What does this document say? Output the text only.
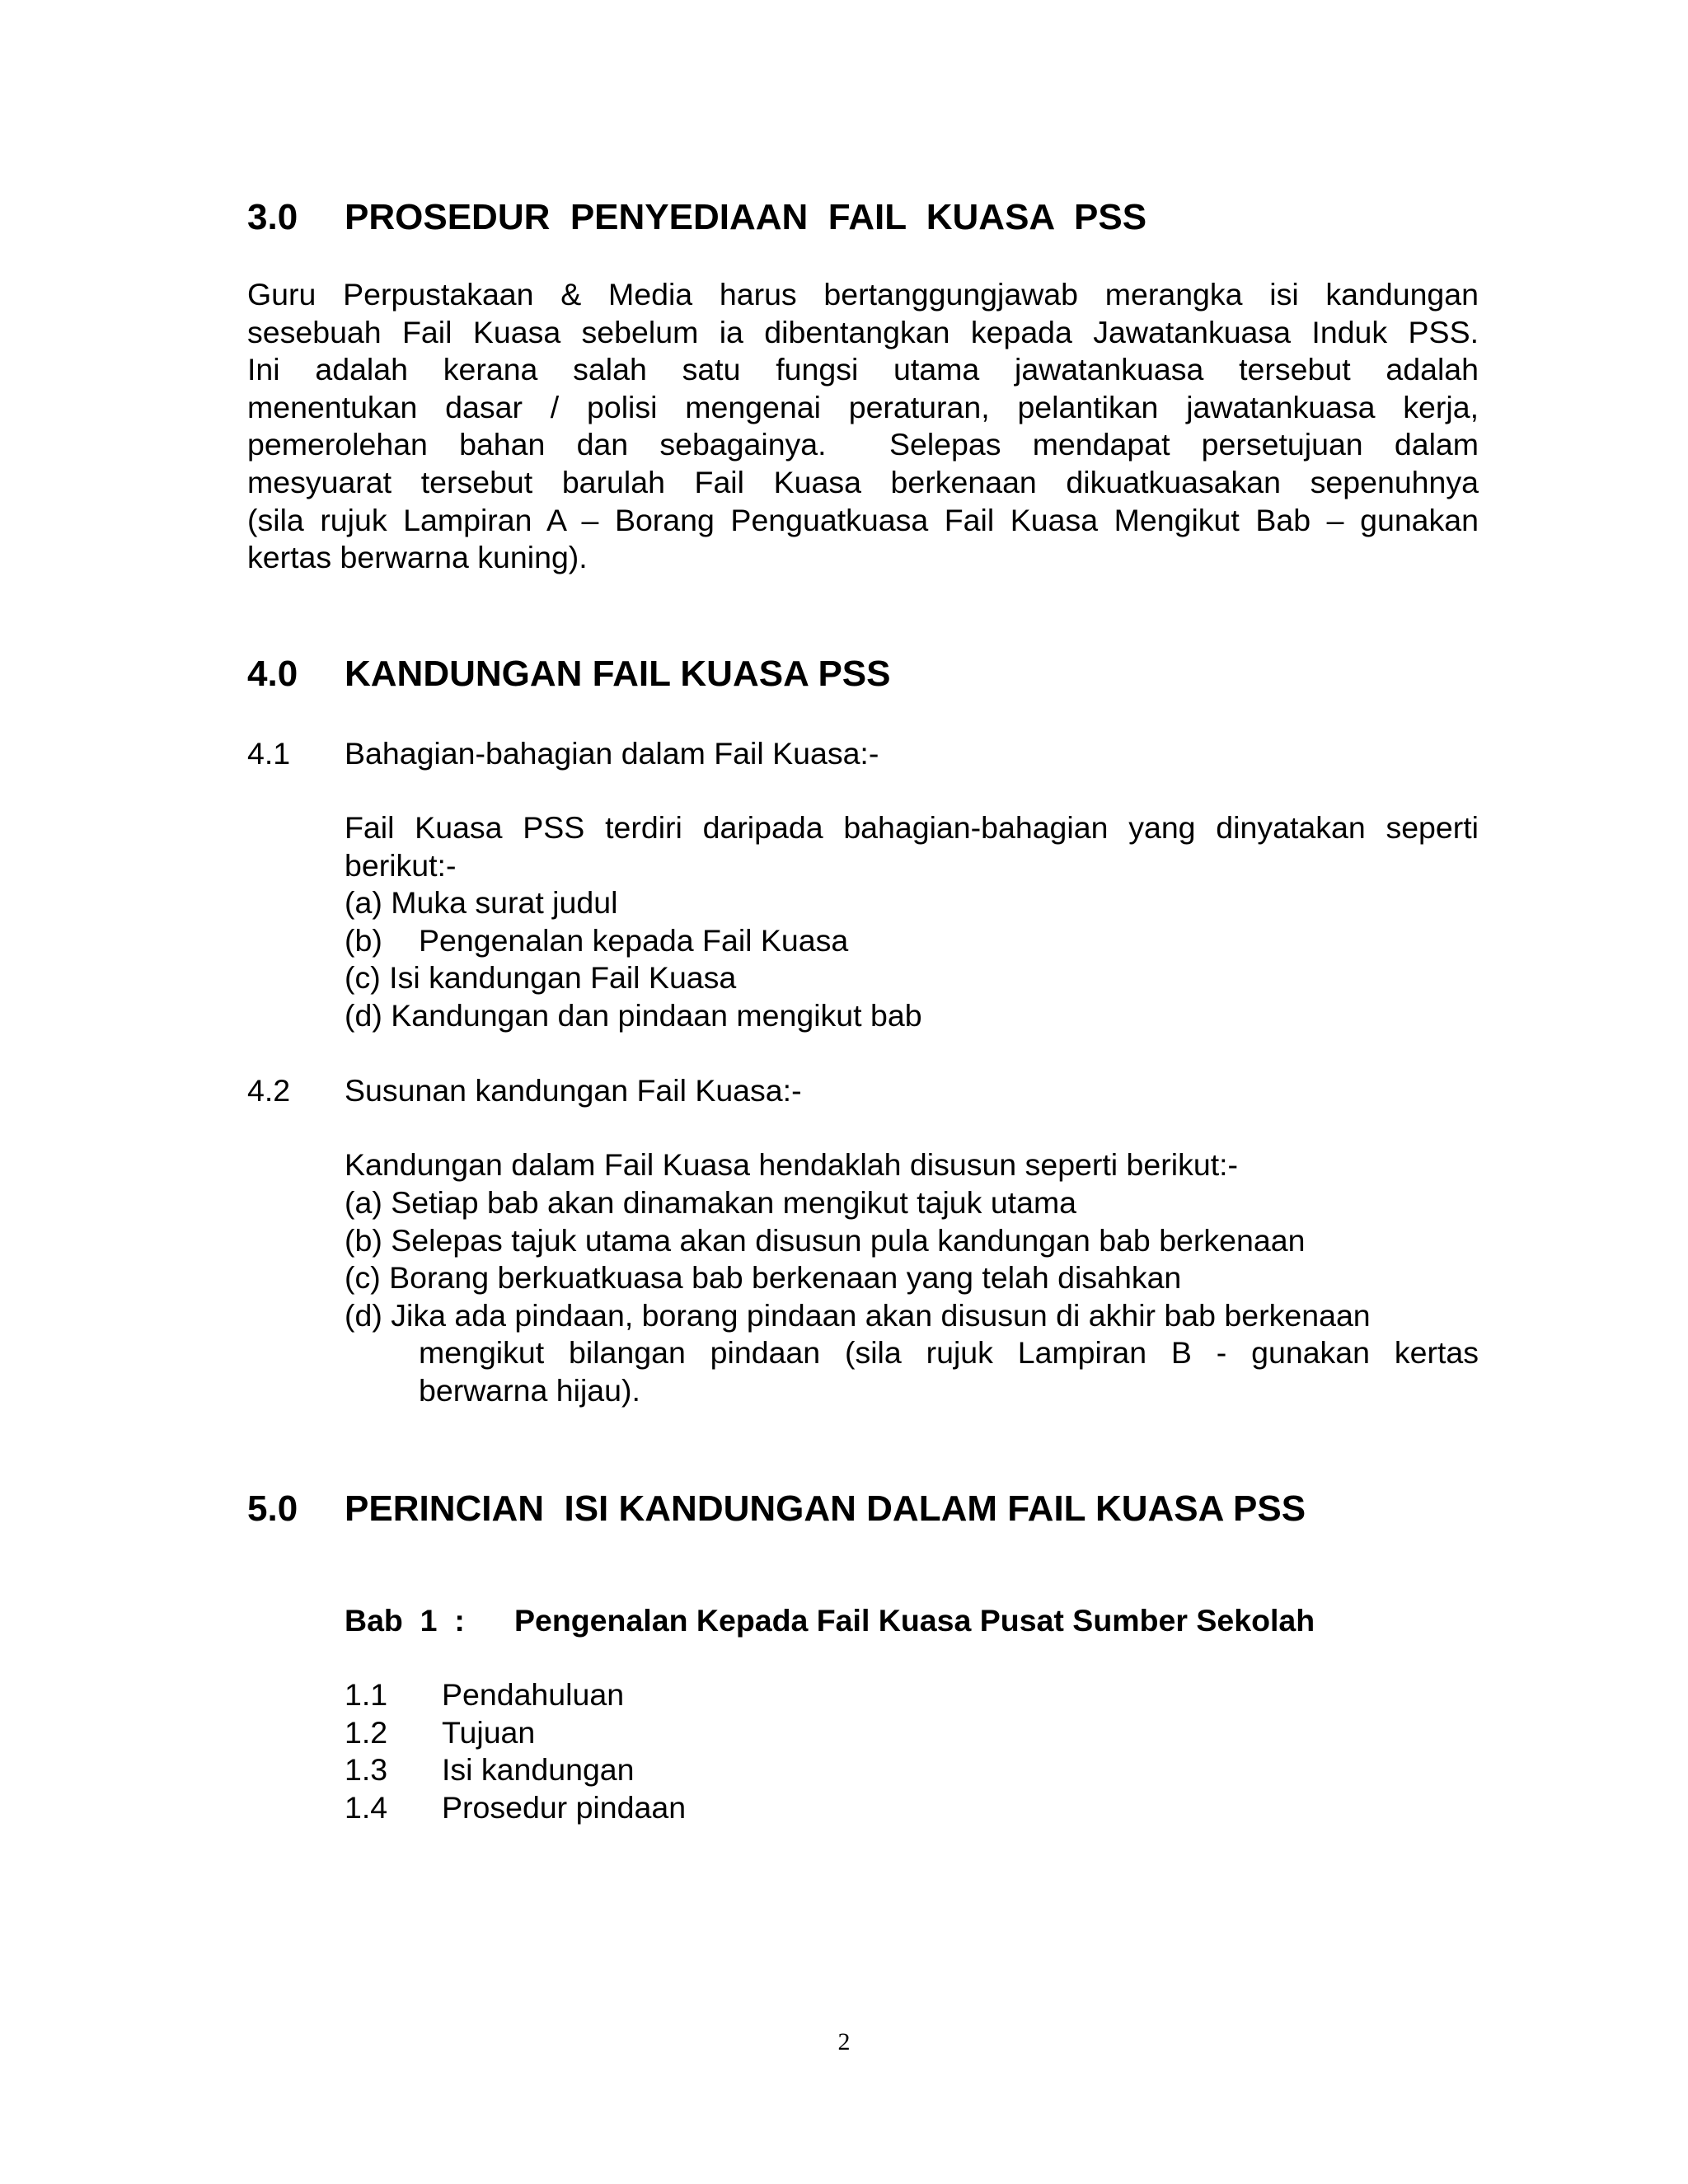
3.0 PROSEDUR  PENYEDIAAN  FAIL  KUASA  PSS
Guru Perpustakaan & Media harus bertanggungjawab merangka isi kandungan
sesebuah Fail Kuasa sebelum ia dibentangkan kepada Jawatankuasa Induk PSS.
Ini adalah kerana salah satu fungsi utama jawatankuasa tersebut adalah
menentukan dasar / polisi mengenai peraturan, pelantikan jawatankuasa kerja,
pemerolehan bahan dan sebagainya.  Selepas mendapat persetujuan dalam
mesyuarat tersebut barulah Fail Kuasa berkenaan dikuatkuasakan sepenuhnya
(sila rujuk Lampiran A – Borang Penguatkuasa Fail Kuasa Mengikut Bab – gunakan
kertas berwarna kuning).
4.0 KANDUNGAN FAIL KUASA PSS
4.1 Bahagian-bahagian dalam Fail Kuasa:-
Fail Kuasa PSS terdiri daripada bahagian-bahagian yang dinyatakan seperti
berikut:-
(a) Muka surat judul
(b) Pengenalan kepada Fail Kuasa
(c) Isi kandungan Fail Kuasa
(d) Kandungan dan pindaan mengikut bab
4.2 Susunan kandungan Fail Kuasa:-
Kandungan dalam Fail Kuasa hendaklah disusun seperti berikut:-
(a) Setiap bab akan dinamakan mengikut tajuk utama
(b) Selepas tajuk utama akan disusun pula kandungan bab berkenaan
(c) Borang berkuatkuasa bab berkenaan yang telah disahkan
(d) Jika ada pindaan, borang pindaan akan disusun di akhir bab berkenaan
mengikut bilangan pindaan (sila rujuk Lampiran B - gunakan kertas
berwarna hijau).
5.0 PERINCIAN  ISI KANDUNGAN DALAM FAIL KUASA PSS
Bab  1  : Pengenalan Kepada Fail Kuasa Pusat Sumber Sekolah
1.1 Pendahuluan
1.2 Tujuan
1.3 Isi kandungan
1.4 Prosedur pindaan
2
